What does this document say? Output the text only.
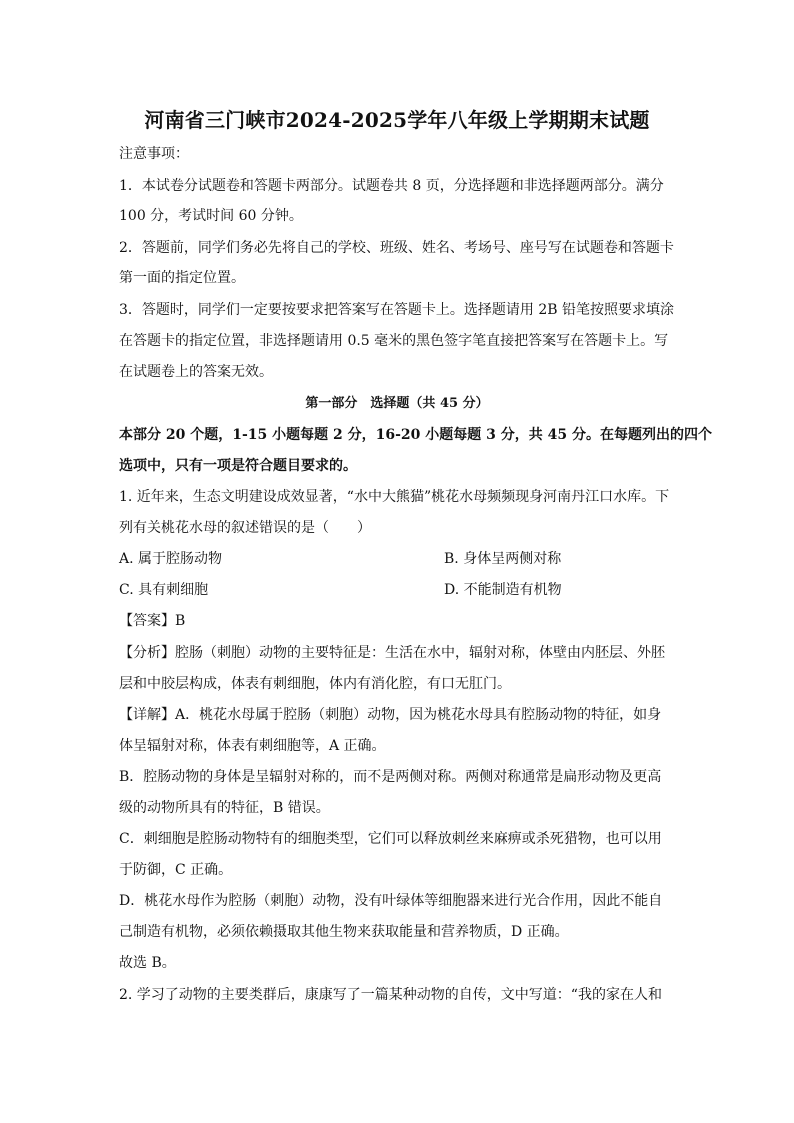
河南省三门峡市2024-2025学年八年级上学期期末试题
注意事项：
1．本试卷分试题卷和答题卡两部分。试题卷共 8 页，分选择题和非选择题两部分。满分
100 分，考试时间 60 分钟。
2．答题前，同学们务必先将自己的学校、班级、姓名、考场号、座号写在试题卷和答题卡
第一面的指定位置。
3．答题时，同学们一定要按要求把答案写在答题卡上。选择题请用 2B 铅笔按照要求填涂
在答题卡的指定位置，非选择题请用 0.5 毫米的黑色签字笔直接把答案写在答题卡上。写
在试题卷上的答案无效。
第一部分　选择题（共 45 分）
本部分 20 个题，1-15 小题每题 2 分，16-20 小题每题 3 分，共 45 分。在每题列出的四个
选项中，只有一项是符合题目要求的。
1. 近年来，生态文明建设成效显著，“水中大熊猫”桃花水母频频现身河南丹江口水库。下
列有关桃花水母的叙述错误的是（　　）
A. 属于腔肠动物	B. 身体呈两侧对称
C. 具有刺细胞	D. 不能制造有机物
【答案】B
【分析】腔肠（刺胞）动物的主要特征是：生活在水中，辐射对称，体壁由内胚层、外胚
层和中胶层构成，体表有刺细胞，体内有消化腔，有口无肛门。
【详解】A．桃花水母属于腔肠（刺胞）动物，因为桃花水母具有腔肠动物的特征，如身
体呈辐射对称，体表有刺细胞等，A 正确。
B．腔肠动物的身体是呈辐射对称的，而不是两侧对称。两侧对称通常是扁形动物及更高
级的动物所具有的特征，B 错误。
C．刺细胞是腔肠动物特有的细胞类型，它们可以释放刺丝来麻痹或杀死猎物，也可以用
于防御，C 正确。
D．桃花水母作为腔肠（刺胞）动物，没有叶绿体等细胞器来进行光合作用，因此不能自
己制造有机物，必须依赖摄取其他生物来获取能量和营养物质，D 正确。
故选 B。
2. 学习了动物的主要类群后，康康写了一篇某种动物的自传，文中写道：“我的家在人和
